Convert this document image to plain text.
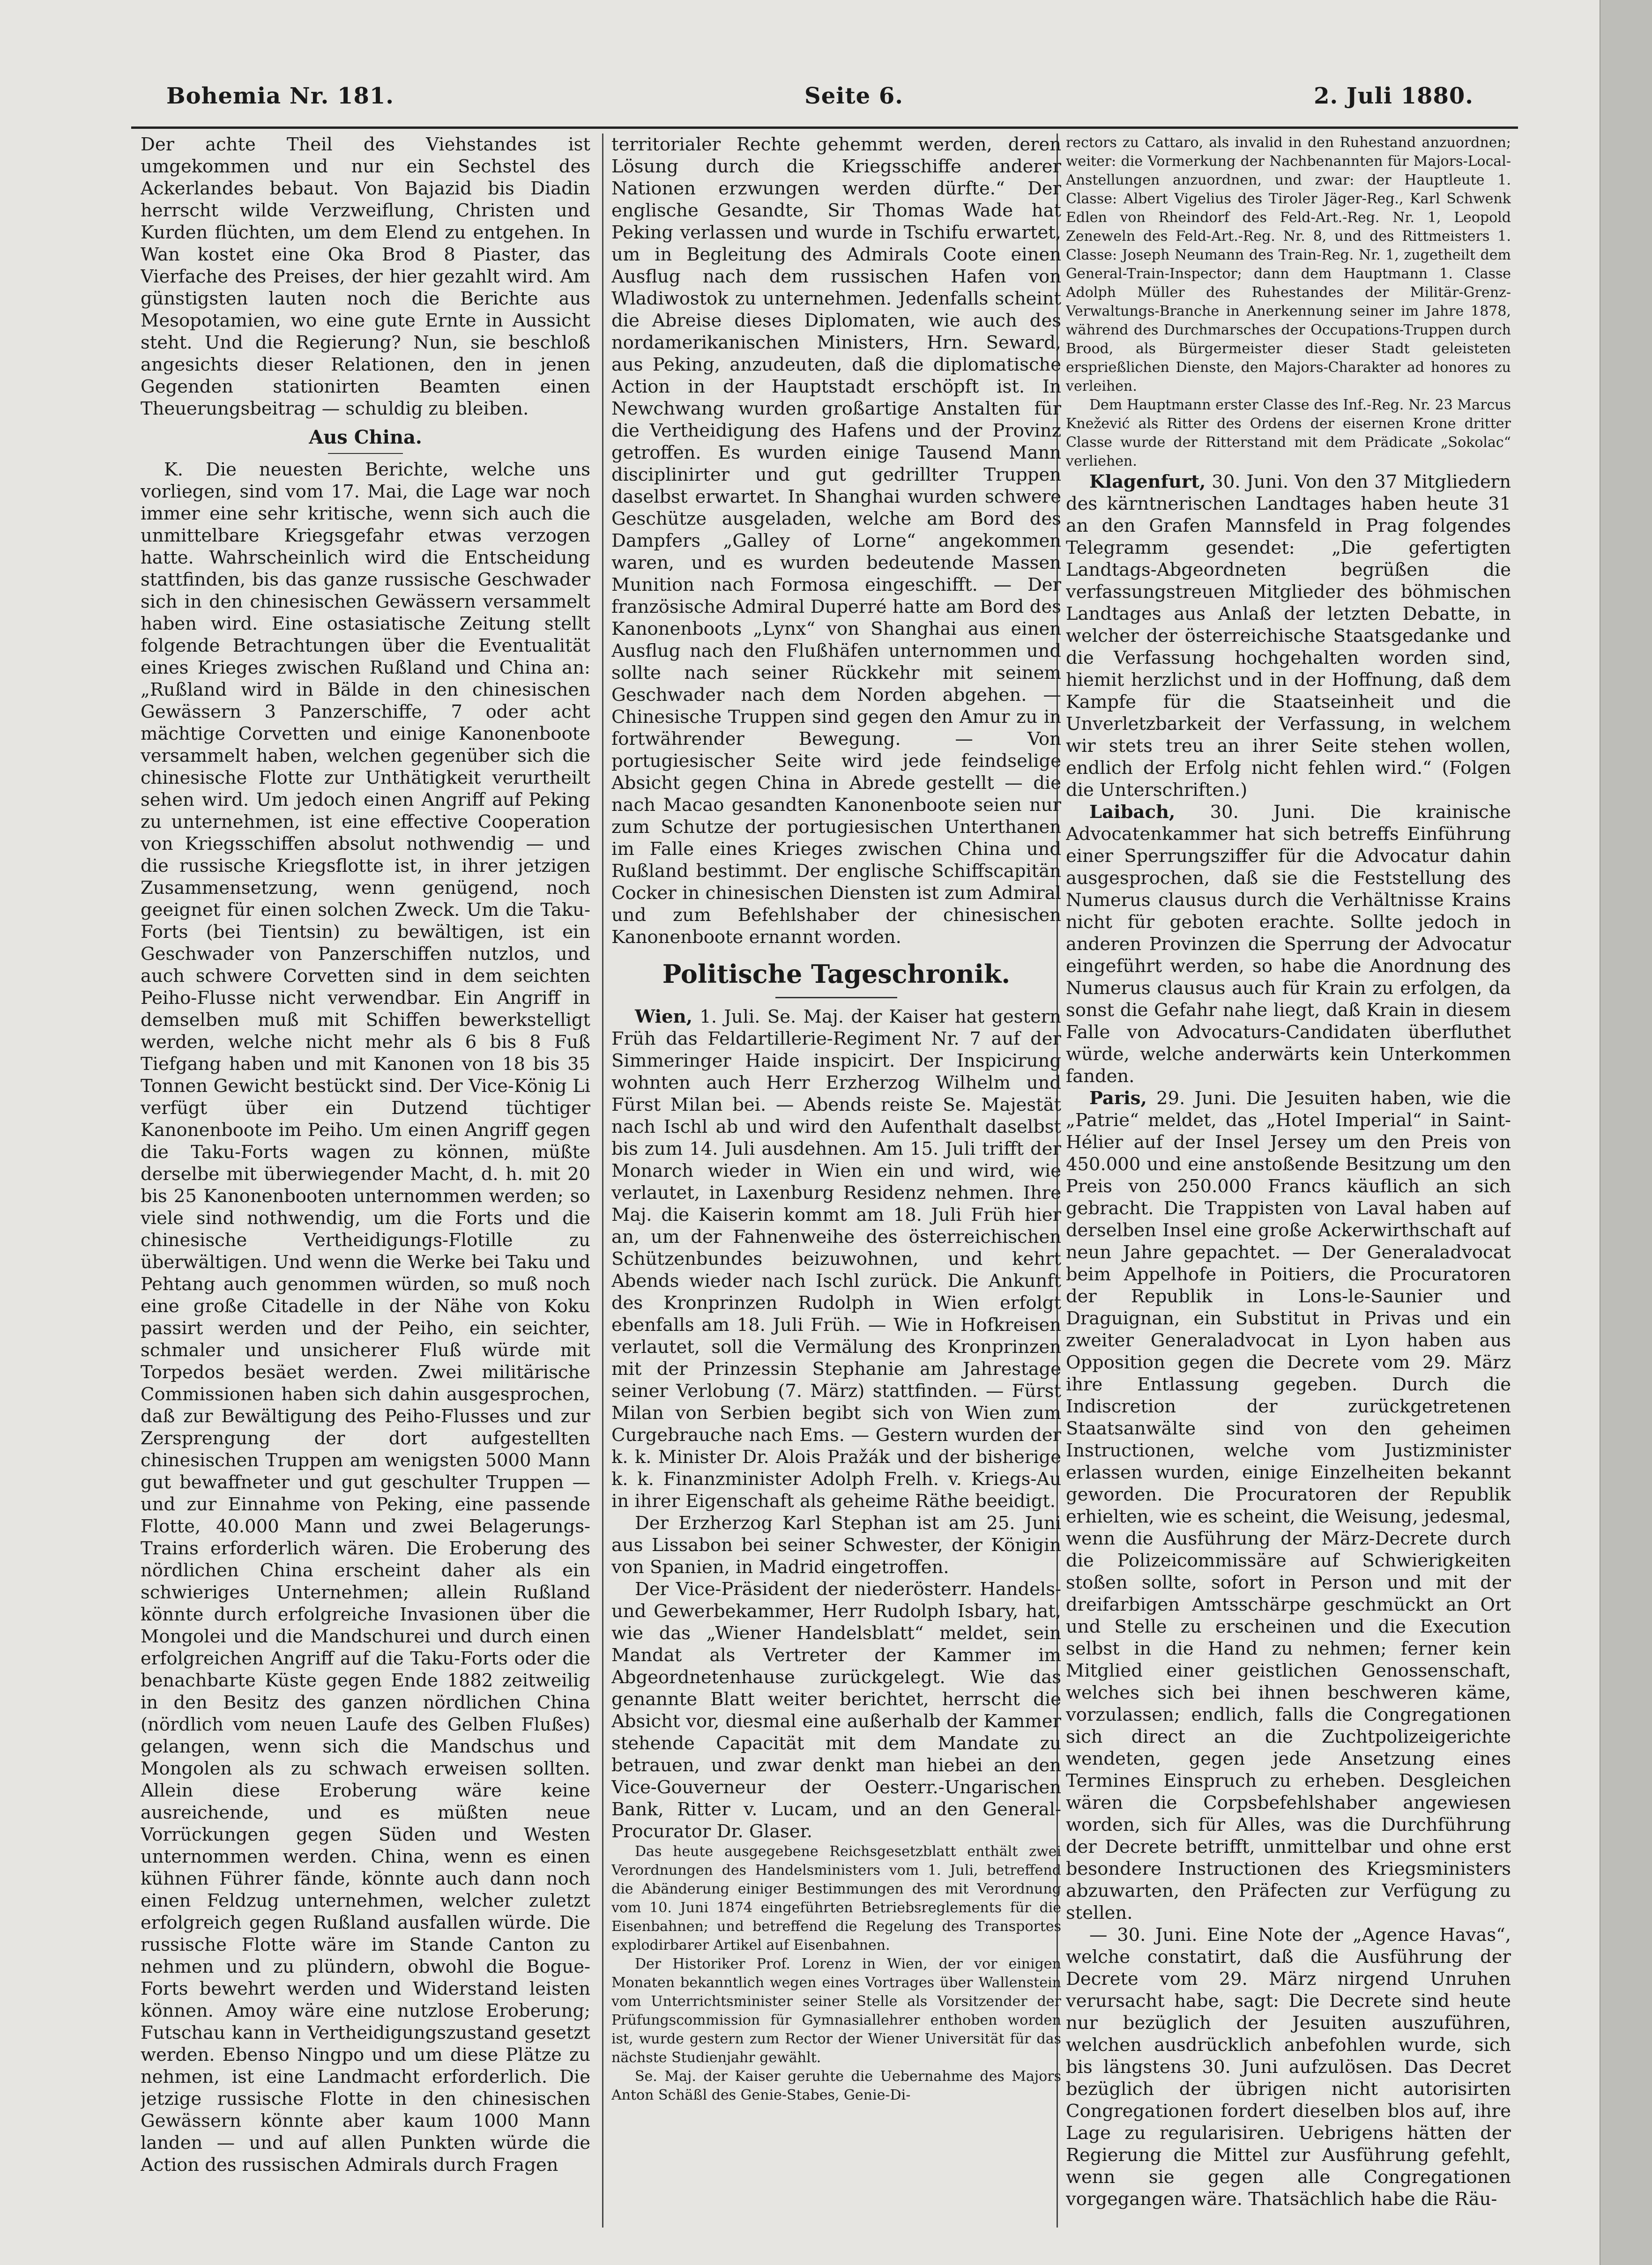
Bohemia Nr. 181.	Seite 6.	2. Juli 1880.

Der achte Theil des Viehstandes ist umgekommen und nur ein Sechstel des Ackerlandes bebaut. Von Bajazid bis Diadin herrscht wilde Verzweiflung, Christen und Kurden flüchten, um dem Elend zu entgehen. In Wan kostet eine Oka Brod 8 Piaster, das Vierfache des Preises, der hier gezahlt wird. Am günstigsten lauten noch die Berichte aus Mesopotamien, wo eine gute Ernte in Aussicht steht. Und die Regierung? Nun, sie beschloß angesichts dieser Relationen, den in jenen Gegenden stationirten Beamten einen Theuerungsbeitrag — schuldig zu bleiben.

Aus China.

K. Die neuesten Berichte, welche uns vorliegen, sind vom 17. Mai, die Lage war noch immer eine sehr kritische, wenn sich auch die unmittelbare Kriegsgefahr etwas verzogen hatte. Wahrscheinlich wird die Entscheidung stattfinden, bis das ganze russische Geschwader sich in den chinesischen Gewässern versammelt haben wird. Eine ostasiatische Zeitung stellt folgende Betrachtungen über die Eventualität eines Krieges zwischen Rußland und China an: „Rußland wird in Bälde in den chinesischen Gewässern 3 Panzerschiffe, 7 oder acht mächtige Corvetten und einige Kanonenboote versammelt haben, welchen gegenüber sich die chinesische Flotte zur Unthätigkeit verurtheilt sehen wird. Um jedoch einen Angriff auf Peking zu unternehmen, ist eine effective Cooperation von Kriegsschiffen absolut nothwendig — und die russische Kriegsflotte ist, in ihrer jetzigen Zusammensetzung, wenn genügend, noch geeignet für einen solchen Zweck. Um die Taku-Forts (bei Tientsin) zu bewältigen, ist ein Geschwader von Panzerschiffen nutzlos, und auch schwere Corvetten sind in dem seichten Peiho-Flusse nicht verwendbar. Ein Angriff in demselben muß mit Schiffen bewerkstelligt werden, welche nicht mehr als 6 bis 8 Fuß Tiefgang haben und mit Kanonen von 18 bis 35 Tonnen Gewicht bestückt sind. Der Vice-König Li verfügt über ein Dutzend tüchtiger Kanonenboote im Peiho. Um einen Angriff gegen die Taku-Forts wagen zu können, müßte derselbe mit überwiegender Macht, d. h. mit 20 bis 25 Kanonenbooten unternommen werden; so viele sind nothwendig, um die Forts und die chinesische Vertheidigungs-Flotille zu überwältigen. Und wenn die Werke bei Taku und Pehtang auch genommen würden, so muß noch eine große Citadelle in der Nähe von Koku passirt werden und der Peiho, ein seichter, schmaler und unsicherer Fluß würde mit Torpedos besäet werden. Zwei militärische Commissionen haben sich dahin ausgesprochen, daß zur Bewältigung des Peiho-Flusses und zur Zersprengung der dort aufgestellten chinesischen Truppen am wenigsten 5000 Mann gut bewaffneter und gut geschulter Truppen — und zur Einnahme von Peking, eine passende Flotte, 40.000 Mann und zwei Belagerungs-Trains erforderlich wären. Die Eroberung des nördlichen China erscheint daher als ein schwieriges Unternehmen; allein Rußland könnte durch erfolgreiche Invasionen über die Mongolei und die Mandschurei und durch einen erfolgreichen Angriff auf die Taku-Forts oder die benachbarte Küste gegen Ende 1882 zeitweilig in den Besitz des ganzen nördlichen China (nördlich vom neuen Laufe des Gelben Flußes) gelangen, wenn sich die Mandschus und Mongolen als zu schwach erweisen sollten. Allein diese Eroberung wäre keine ausreichende, und es müßten neue Vorrückungen gegen Süden und Westen unternommen werden. China, wenn es einen kühnen Führer fände, könnte auch dann noch einen Feldzug unternehmen, welcher zuletzt erfolgreich gegen Rußland ausfallen würde. Die russische Flotte wäre im Stande Canton zu nehmen und zu plündern, obwohl die Bogue-Forts bewehrt werden und Widerstand leisten können. Amoy wäre eine nutzlose Eroberung; Futschau kann in Vertheidigungszustand gesetzt werden. Ebenso Ningpo und um diese Plätze zu nehmen, ist eine Landmacht erforderlich. Die jetzige russische Flotte in den chinesischen Gewässern könnte aber kaum 1000 Mann landen — und auf allen Punkten würde die Action des russischen Admirals durch Fragen

territorialer Rechte gehemmt werden, deren Lösung durch die Kriegsschiffe anderer Nationen erzwungen werden dürfte.“ Der englische Gesandte, Sir Thomas Wade hat Peking verlassen und wurde in Tschifu erwartet, um in Begleitung des Admirals Coote einen Ausflug nach dem russischen Hafen von Wladiwostok zu unternehmen. Jedenfalls scheint die Abreise dieses Diplomaten, wie auch des nordamerikanischen Ministers, Hrn. Seward, aus Peking, anzudeuten, daß die diplomatische Action in der Hauptstadt erschöpft ist. In Newchwang wurden großartige Anstalten für die Vertheidigung des Hafens und der Provinz getroffen. Es wurden einige Tausend Mann disciplinirter und gut gedrillter Truppen daselbst erwartet. In Shanghai wurden schwere Geschütze ausgeladen, welche am Bord des Dampfers „Galley of Lorne“ angekommen waren, und es wurden bedeutende Massen Munition nach Formosa eingeschifft. — Der französische Admiral Duperré hatte am Bord des Kanonenboots „Lynx“ von Shanghai aus einen Ausflug nach den Flußhäfen unternommen und sollte nach seiner Rückkehr mit seinem Geschwader nach dem Norden abgehen. — Chinesische Truppen sind gegen den Amur zu in fortwährender Bewegung. — Von portugiesischer Seite wird jede feindselige Absicht gegen China in Abrede gestellt — die nach Macao gesandten Kanonenboote seien nur zum Schutze der portugiesischen Unterthanen im Falle eines Krieges zwischen China und Rußland bestimmt. Der englische Schiffscapitän Cocker in chinesischen Diensten ist zum Admiral und zum Befehlshaber der chinesischen Kanonenboote ernannt worden.

Politische Tageschronik.

Wien, 1. Juli. Se. Maj. der Kaiser hat gestern Früh das Feldartillerie-Regiment Nr. 7 auf der Simmeringer Haide inspicirt. Der Inspicirung wohnten auch Herr Erzherzog Wilhelm und Fürst Milan bei. — Abends reiste Se. Majestät nach Ischl ab und wird den Aufenthalt daselbst bis zum 14. Juli ausdehnen. Am 15. Juli trifft der Monarch wieder in Wien ein und wird, wie verlautet, in Laxenburg Residenz nehmen. Ihre Maj. die Kaiserin kommt am 18. Juli Früh hier an, um der Fahnenweihe des österreichischen Schützenbundes beizuwohnen, und kehrt Abends wieder nach Ischl zurück. Die Ankunft des Kronprinzen Rudolph in Wien erfolgt ebenfalls am 18. Juli Früh. — Wie in Hofkreisen verlautet, soll die Vermälung des Kronprinzen mit der Prinzessin Stephanie am Jahrestage seiner Verlobung (7. März) stattfinden. — Fürst Milan von Serbien begibt sich von Wien zum Curgebrauche nach Ems. — Gestern wurden der k. k. Minister Dr. Alois Pražák und der bisherige k. k. Finanzminister Adolph Frelh. v. Kriegs-Au in ihrer Eigenschaft als geheime Räthe beeidigt.

Der Erzherzog Karl Stephan ist am 25. Juni aus Lissabon bei seiner Schwester, der Königin von Spanien, in Madrid eingetroffen.

Der Vice-Präsident der niederösterr. Handels- und Gewerbekammer, Herr Rudolph Isbary, hat, wie das „Wiener Handelsblatt“ meldet, sein Mandat als Vertreter der Kammer im Abgeordnetenhause zurückgelegt. Wie das genannte Blatt weiter berichtet, herrscht die Absicht vor, diesmal eine außerhalb der Kammer stehende Capacität mit dem Mandate zu betrauen, und zwar denkt man hiebei an den Vice-Gouverneur der Oesterr.-Ungarischen Bank, Ritter v. Lucam, und an den General-Procurator Dr. Glaser.

Das heute ausgegebene Reichsgesetzblatt enthält zwei Verordnungen des Handelsministers vom 1. Juli, betreffend die Abänderung einiger Bestimmungen des mit Verordnung vom 10. Juni 1874 eingeführten Betriebsreglements für die Eisenbahnen; und betreffend die Regelung des Transportes explodirbarer Artikel auf Eisenbahnen.

Der Historiker Prof. Lorenz in Wien, der vor einigen Monaten bekanntlich wegen eines Vortrages über Wallenstein vom Unterrichtsminister seiner Stelle als Vorsitzender der Prüfungscommission für Gymnasiallehrer enthoben worden ist, wurde gestern zum Rector der Wiener Universität für das nächste Studienjahr gewählt.

Se. Maj. der Kaiser geruhte die Uebernahme des Majors Anton Schäßl des Genie-Stabes, Genie-Di-

rectors zu Cattaro, als invalid in den Ruhestand anzuordnen; weiter: die Vormerkung der Nachbenannten für Majors-Local-Anstellungen anzuordnen, und zwar: der Hauptleute 1. Classe: Albert Vigelius des Tiroler Jäger-Reg., Karl Schwenk Edlen von Rheindorf des Feld-Art.-Reg. Nr. 1, Leopold Zeneweln des Feld-Art.-Reg. Nr. 8, und des Rittmeisters 1. Classe: Joseph Neumann des Train-Reg. Nr. 1, zugetheilt dem General-Train-Inspector; dann dem Hauptmann 1. Classe Adolph Müller des Ruhestandes der Militär-Grenz-Verwaltungs-Branche in Anerkennung seiner im Jahre 1878, während des Durchmarsches der Occupations-Truppen durch Brood, als Bürgermeister dieser Stadt geleisteten ersprießlichen Dienste, den Majors-Charakter ad honores zu verleihen.

Dem Hauptmann erster Classe des Inf.-Reg. Nr. 23 Marcus Knežević als Ritter des Ordens der eisernen Krone dritter Classe wurde der Ritterstand mit dem Prädicate „Sokolac“ verliehen.

Klagenfurt, 30. Juni. Von den 37 Mitgliedern des kärntnerischen Landtages haben heute 31 an den Grafen Mannsfeld in Prag folgendes Telegramm gesendet: „Die gefertigten Landtags-Abgeordneten begrüßen die verfassungstreuen Mitglieder des böhmischen Landtages aus Anlaß der letzten Debatte, in welcher der österreichische Staatsgedanke und die Verfassung hochgehalten worden sind, hiemit herzlichst und in der Hoffnung, daß dem Kampfe für die Staatseinheit und die Unverletzbarkeit der Verfassung, in welchem wir stets treu an ihrer Seite stehen wollen, endlich der Erfolg nicht fehlen wird.“ (Folgen die Unterschriften.)

Laibach, 30. Juni. Die krainische Advocatenkammer hat sich betreffs Einführung einer Sperrungsziffer für die Advocatur dahin ausgesprochen, daß sie die Feststellung des Numerus clausus durch die Verhältnisse Krains nicht für geboten erachte. Sollte jedoch in anderen Provinzen die Sperrung der Advocatur eingeführt werden, so habe die Anordnung des Numerus clausus auch für Krain zu erfolgen, da sonst die Gefahr nahe liegt, daß Krain in diesem Falle von Advocaturs-Candidaten überfluthet würde, welche anderwärts kein Unterkommen fanden.

Paris, 29. Juni. Die Jesuiten haben, wie die „Patrie“ meldet, das „Hotel Imperial“ in Saint-Hélier auf der Insel Jersey um den Preis von 450.000 und eine anstoßende Besitzung um den Preis von 250.000 Francs käuflich an sich gebracht. Die Trappisten von Laval haben auf derselben Insel eine große Ackerwirthschaft auf neun Jahre gepachtet. — Der Generaladvocat beim Appelhofe in Poitiers, die Procuratoren der Republik in Lons-le-Saunier und Draguignan, ein Substitut in Privas und ein zweiter Generaladvocat in Lyon haben aus Opposition gegen die Decrete vom 29. März ihre Entlassung gegeben. Durch die Indiscretion der zurückgetretenen Staatsanwälte sind von den geheimen Instructionen, welche vom Justizminister erlassen wurden, einige Einzelheiten bekannt geworden. Die Procuratoren der Republik erhielten, wie es scheint, die Weisung, jedesmal, wenn die Ausführung der März-Decrete durch die Polizeicommissäre auf Schwierigkeiten stoßen sollte, sofort in Person und mit der dreifarbigen Amtsschärpe geschmückt an Ort und Stelle zu erscheinen und die Execution selbst in die Hand zu nehmen; ferner kein Mitglied einer geistlichen Genossenschaft, welches sich bei ihnen beschweren käme, vorzulassen; endlich, falls die Congregationen sich direct an die Zuchtpolizeigerichte wendeten, gegen jede Ansetzung eines Termines Einspruch zu erheben. Desgleichen wären die Corpsbefehlshaber angewiesen worden, sich für Alles, was die Durchführung der Decrete betrifft, unmittelbar und ohne erst besondere Instructionen des Kriegsministers abzuwarten, den Präfecten zur Verfügung zu stellen.

— 30. Juni. Eine Note der „Agence Havas“, welche constatirt, daß die Ausführung der Decrete vom 29. März nirgend Unruhen verursacht habe, sagt: Die Decrete sind heute nur bezüglich der Jesuiten auszuführen, welchen ausdrücklich anbefohlen wurde, sich bis längstens 30. Juni aufzulösen. Das Decret bezüglich der übrigen nicht autorisirten Congregationen fordert dieselben blos auf, ihre Lage zu regularisiren. Uebrigens hätten der Regierung die Mittel zur Ausführung gefehlt, wenn sie gegen alle Congregationen vorgegangen wäre. Thatsächlich habe die Räu-
